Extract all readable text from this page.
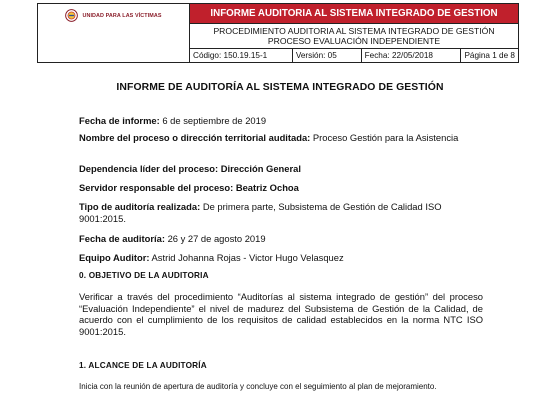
UNIDAD PARA LAS VÍCTIMAS	INFORME AUDITORIA AL SISTEMA INTEGRADO DE GESTION			

	PROCEDIMIENTO AUDITORIA AL SISTEMA INTEGRADO DE GESTIÓN
PROCESO EVALUACIÓN INDEPENDIENTE			

	Código: 150.19.15-1	Versión: 05	Fecha: 22/05/2018	Página 1 de 8
INFORME DE AUDITORÍA AL SISTEMA INTEGRADO DE GESTIÓN

Fecha de informe: 6 de septiembre de 2019

Nombre del proceso o dirección territorial auditada: Proceso Gestión para la Asistencia

Dependencia líder del proceso: Dirección General

Servidor responsable del proceso: Beatriz Ochoa

Tipo de auditoría realizada: De primera parte, Subsistema de Gestión de Calidad ISO 9001:2015.

Fecha de auditoría: 26 y 27 de agosto 2019

Equipo Auditor: Astrid Johanna Rojas - Victor Hugo Velasquez

0. OBJETIVO DE LA AUDITORIA

Verificar a través del procedimiento “Auditorías al sistema integrado de gestión” del proceso “Evaluación Independiente” el nivel de madurez del Subsistema de Gestión de la Calidad, de acuerdo con el cumplimiento de los requisitos de calidad establecidos en la norma NTC ISO 9001:2015.

1. ALCANCE DE LA AUDITORÍA
Inicia con la reunión de apertura de auditoría y concluye con el seguimiento al plan de mejoramiento.
